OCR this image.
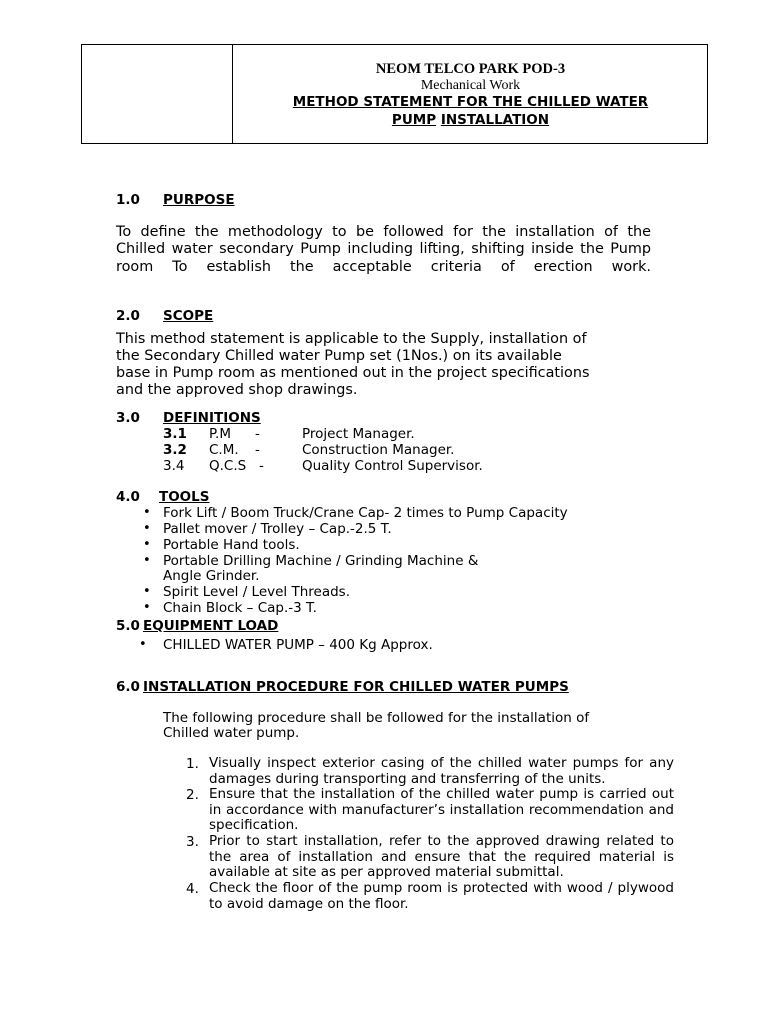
NEOM TELCO PARK POD-3
Mechanical Work
METHOD STATEMENT FOR THE CHILLED WATER
PUMP INSTALLATION
1.0 PURPOSE
To define the methodology to be followed for the installation of the Chilled water secondary Pump including lifting, shifting inside the Pump room To establish the acceptable criteria of erection work.
2.0 SCOPE
This method statement is applicable to the Supply, installation of
the Secondary Chilled water Pump set (1Nos.) on its available
base in Pump room as mentioned out in the project specifications
and the approved shop drawings.
3.0 DEFINITIONS
3.1 P.M -	Project Manager.
3.2 C.M. -	Construction Manager.
3.4 Q.C.S -	Quality Control Supervisor.
4.0 TOOLS
• Fork Lift / Boom Truck/Crane Cap- 2 times to Pump Capacity
• Pallet mover / Trolley – Cap.-2.5 T.
• Portable Hand tools.
• Portable Drilling Machine / Grinding Machine &
Angle Grinder.
• Spirit Level / Level Threads.
• Chain Block – Cap.-3 T.
5.0 EQUIPMENT LOAD
• CHILLED WATER PUMP – 400 Kg Approx.
6.0 INSTALLATION PROCEDURE FOR CHILLED WATER PUMPS
The following procedure shall be followed for the installation of
Chilled water pump.
1. Visually inspect exterior casing of the chilled water pumps for any damages during transporting and transferring of the units.
2. Ensure that the installation of the chilled water pump is carried out in accordance with manufacturer’s installation recommendation and specification.
3. Prior to start installation, refer to the approved drawing related to the area of installation and ensure that the required material is available at site as per approved material submittal.
4. Check the floor of the pump room is protected with wood / plywood to avoid damage on the floor.
